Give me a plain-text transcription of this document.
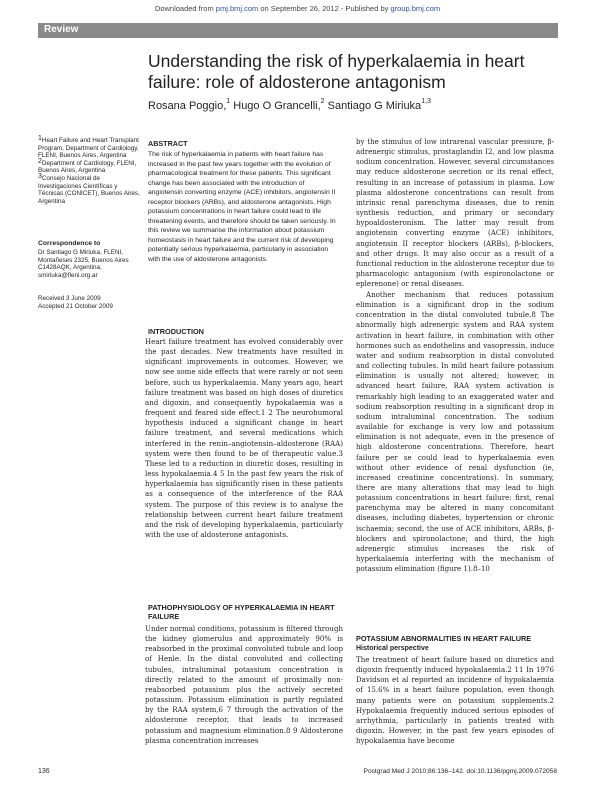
Downloaded from pmj.bmj.com on September 26, 2012 - Published by group.bmj.com
Review
Understanding the risk of hyperkalaemia in heart failure: role of aldosterone antagonism
Rosana Poggio,$^1$ Hugo O Grancelli,$^2$ Santiago G Miriuka$^{1,3}$

1Heart Failure and Heart Transplant Program, Department of Cardiology, FLENI, Buenos Aires, Argentina

2Department of Cardiology, FLENI, Buenos Aires, Argentina

3Consejo Nacional de Investigaciones Científicas y Técnicas (CONICET), Buenos Aires, Argentina

Correspondence to
Dr Santiago G Miriuka, FLENI, Montañeses 2325, Buenos Aires C1428AQK, Argentina;
smiriuka@fleni.org.ar
Received 3 June 2009
Accepted 21 October 2009
ABSTRACT

The risk of hyperkalaemia in patients with heart failure has increased in the past few years together with the evolution of pharmacological treatment for these patients. This significant change has been associated with the introduction of angiotensin converting enzyme (ACE) inhibitors, angiotensin II receptor blockers (ARBs), and aldosterone antagonists. High potassium concentrations in heart failure could lead to life threatening events, and therefore should be taken seriously. In this review we summarise the information about potassium homeostasis in heart failure and the current risk of developing potentially serious hyperkalaemia, particularly in association with the use of aldosterone antagonists.

INTRODUCTION

Heart failure treatment has evolved considerably over the past decades. New treatments have resulted in significant improvements in outcomes. However, we now see some side effects that were rarely or not seen before, such us hyperkalaemia. Many years ago, heart failure treatment was based on high doses of diuretics and digoxin, and consequently hypokalaemia was a frequent and feared side effect.1 2 The neurohumoral hypothesis induced a significant change in heart failure treatment, and several medications which interfered in the renin–angiotensin–aldosterone (RAA) system were then found to be of therapeutic value.3 These led to a reduction in diuretic doses, resulting in less hypokalaemia.4 5 In the past few years the risk of hyperkalaemia has significantly risen in these patients as a consequence of the interference of the RAA system. The purpose of this review is to analyse the relationship between current heart failure treatment and the risk of developing hyperkalaemia, particularly with the use of aldosterone antagonists.

PATHOPHYSIOLOGY OF HYPERKALAEMIA IN HEART FAILURE

Under normal conditions, potassium is filtered through the kidney glomerulus and approximately 90% is reabsorbed in the proximal convoluted tubule and loop of Henle. In the distal convoluted and collecting tubules, intraluminal potassium concentration is directly related to the amount of proximally non-reabsorbed potassium plus the actively secreted potassium. Potassium elimination is partly regulated by the RAA system,6 7 through the activation of the aldosterone receptor, that leads to increased potassium and magnesium elimination.8 9 Aldosterone plasma concentration increases

by the stimulus of low intrarenal vascular pressure, β-adrenergic stimulus, prostaglandin I2, and low plasma sodium concentration. However, several circumstances may reduce aldosterone secretion or its renal effect, resulting in an increase of potassium in plasma. Low plasma aldosterone concentrations can result from intrinsic renal parenchyma diseases, due to renin synthesis reduction, and primary or secondary hypoaldosteronism. The latter may result from angiotensin converting enzyme (ACE) inhibitors, angiotensin II receptor blockers (ARBs), β-blockers, and other drugs. It may also occur as a result of a functional reduction in the aldosterone receptor due to pharmacologic antagonism (with espironolactone or eplerenone) or renal diseases.

Another mechanism that reduces potassium elimination is a significant drop in the sodium concentration in the distal convoluted tubule.8 The abnormally high adrenergic system and RAA system activation in heart failure, in combination with other hormones such as endothelins and vasopressin, induce water and sodium reabsorption in distal convoluted and collecting tubules. In mild heart failure potassium elimination is usually not altered; however, in advanced heart failure, RAA system activation is remarkably high leading to an exaggerated water and sodium reabsorption resulting in a significant drop in sodium intraluminal concentration. The sodium available for exchange is very low and potassium elimination is not adequate, even in the presence of high aldosterone concentrations. Therefore, heart failure per se could lead to hyperkalaemia even without other evidence of renal dysfunction (ie, increased creatinine concentrations). In summary, there are many alterations that may lead to high potassium concentrations in heart failure: first, renal parenchyma may be altered in many concomitant diseases, including diabetes, hypertension or chronic ischaemia; second, the use of ACE inhibitors, ARBs, β-blockers and spironolactone; and third, the high adrenergic stimulus increases the risk of hyperkalaemia interfering with the mechanism of potassium elimination (figure 1).8–10

POTASSIUM ABNORMALITIES IN HEART FAILURE
Historical perspective

The treatment of heart failure based on diuretics and digoxin frequently induced hypokalaemia.2 11 In 1976 Davidson et al reported an incidence of hypokalaemia of 15.6% in a heart failure population, even though many patients were on potassium supplements.2 Hypokalaemia frequently induced serious episodes of arrhythmia, particularly in patients treated with digoxin. However, in the past few years episodes of hypokalaemia have become

136	Postgrad Med J 2010;86:136–142. doi:10.1136/pgmj.2009.072058
